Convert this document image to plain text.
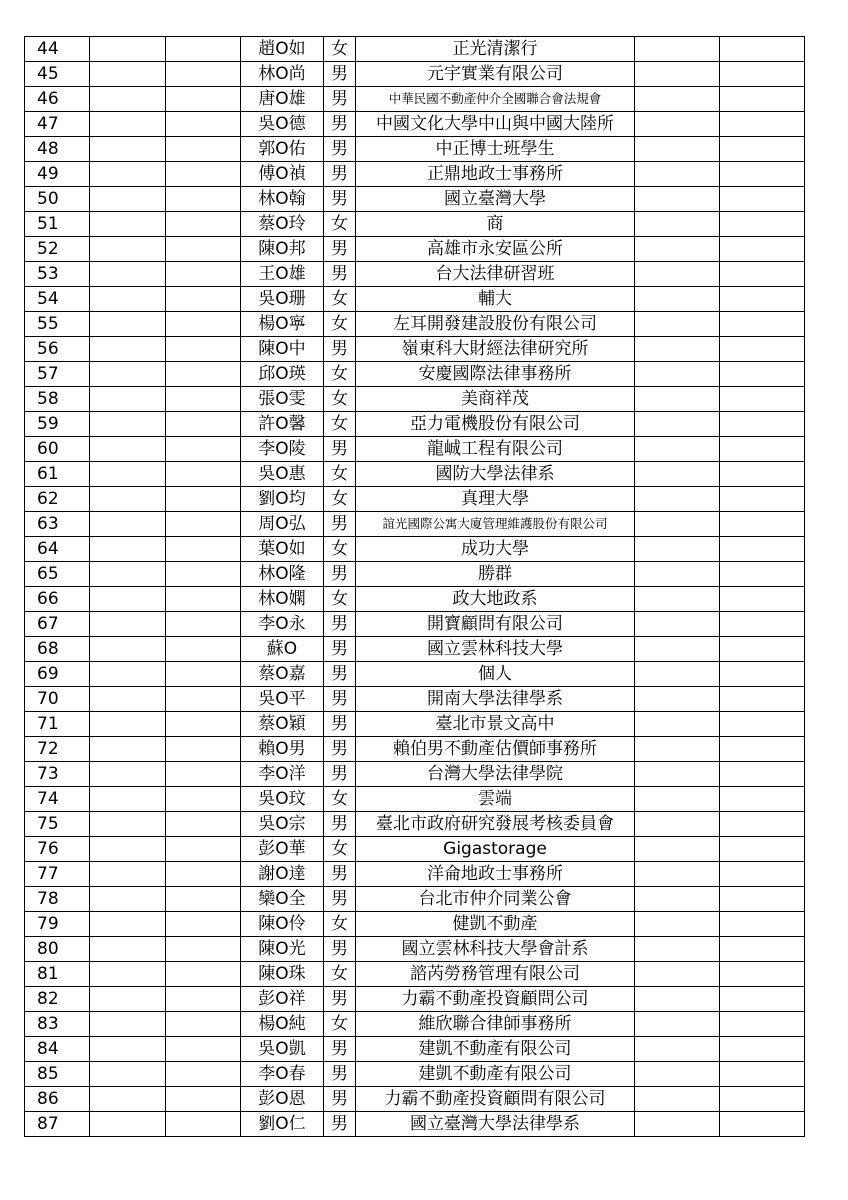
44			趙O如	女	正光清潔行		
45			林O尚	男	元宇實業有限公司		
46			唐O雄	男	中華民國不動產仲介全國聯合會法規會		
47			吳O德	男	中國文化大學中山與中國大陸所		
48			郭O佑	男	中正博士班學生		
49			傅O禎	男	正鼎地政士事務所		
50			林O翰	男	國立臺灣大學		
51			蔡O玲	女	商		
52			陳O邦	男	高雄市永安區公所		
53			王O雄	男	台大法律研習班		
54			吳O珊	女	輔大		
55			楊O寧	女	左耳開發建設股份有限公司		
56			陳O中	男	嶺東科大財經法律研究所		
57			邱O瑛	女	安慶國際法律事務所		
58			張O雯	女	美商祥茂		
59			許O馨	女	亞力電機股份有限公司		
60			李O陵	男	龍峸工程有限公司		
61			吳O惠	女	國防大學法律系		
62			劉O均	女	真理大學		
63			周O弘	男	誼光國際公寓大廈管理維護股份有限公司		
64			葉O如	女	成功大學		
65			林O隆	男	勝群		
66			林O嫻	女	政大地政系		
67			李O永	男	開寶顧問有限公司		
68			蘇O	男	國立雲林科技大學		
69			蔡O嘉	男	個人		
70			吳O平	男	開南大學法律學系		
71			蔡O穎	男	臺北市景文高中		
72			賴O男	男	賴伯男不動產估價師事務所		
73			李O洋	男	台灣大學法律學院		
74			吳O玟	女	雲端		
75			吳O宗	男	臺北市政府研究發展考核委員會		
76			彭O華	女	Gigastorage		
77			謝O達	男	洋侖地政士事務所		
78			欒O全	男	台北市仲介同業公會		
79			陳O伶	女	健凱不動產		
80			陳O光	男	國立雲林科技大學會計系		
81			陳O珠	女	諮芮勞務管理有限公司		
82			彭O祥	男	力霸不動產投資顧問公司		
83			楊O純	女	維欣聯合律師事務所		
84			吳O凱	男	建凱不動產有限公司		
85			李O春	男	建凱不動產有限公司		
86			彭O恩	男	力霸不動產投資顧問有限公司		
87			劉O仁	男	國立臺灣大學法律學系		
